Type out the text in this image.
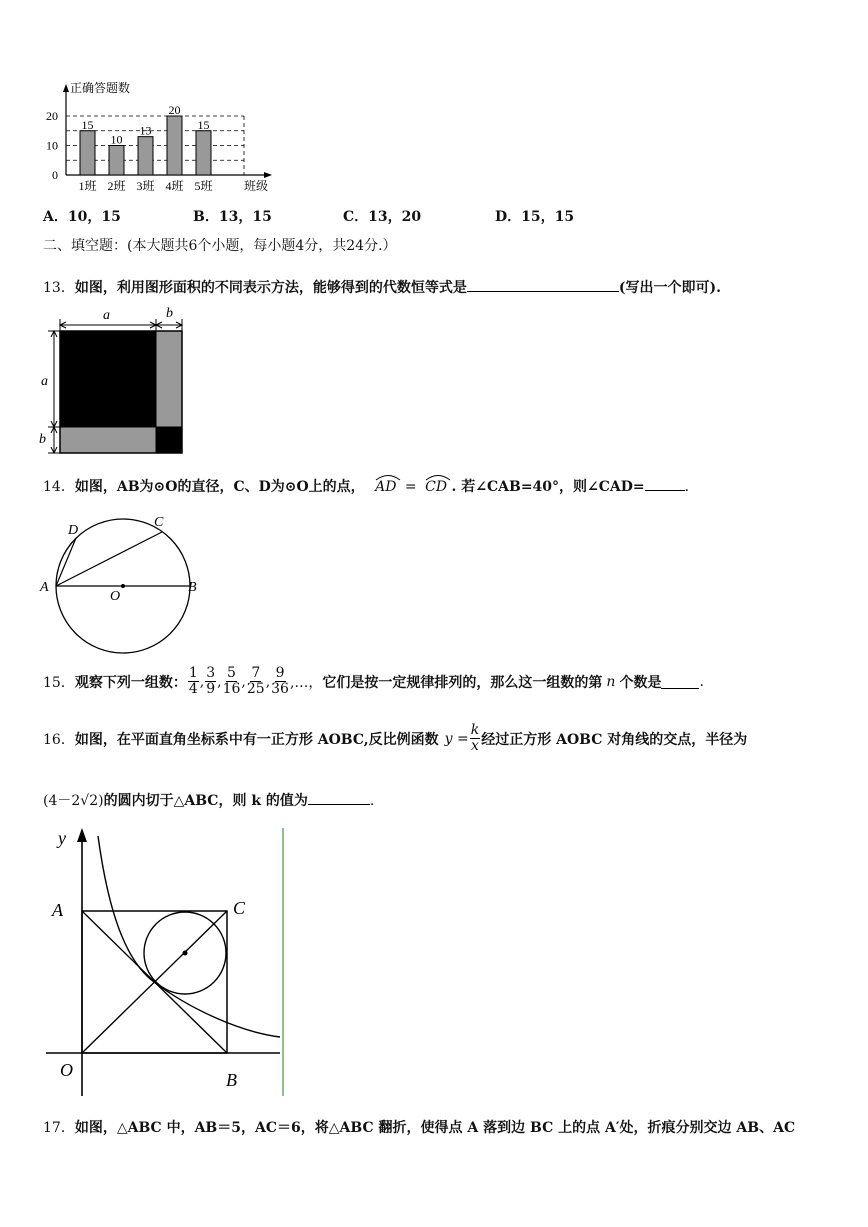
0
10
20
15
1班
10
2班
13
3班
20
4班
15
5班
正确答题数
班级
A．10，15	B．13，15	C．13，20	D．15，15
二、填空题：(本大题共6个小题，每小题4分，共24分.）
13．如图，利用图形面积的不同表示方法，能够得到的代数恒等式是	(写出一个即可).
a	b
a
b
14．如图，AB为⊙O的直径，C、D为⊙O上的点， AD = CD . 若∠CAB=40°，则∠CAD=	.
A	B
C
D
O
15． 观察下列一组数： $\frac{1}{4}$ , $\frac{3}{9}$ , $\frac{5}{16}$ , $\frac{7}{25}$ , $\frac{9}{36}$ ,…， 它们是按一定规律排列的，那么这一组数的第 n 个数是	.
16． 如图，在平面直角坐标系中有一正方形 AOBC,反比例函数 $y = \frac{k}{x}$ 经过正方形 AOBC 对角线的交点，半径为
(4－2√2)的圆内切于△ABC，则 k 的值为	.
y
A	C
O	B
17．如图，△ABC 中，AB＝5，AC＝6，将△ABC 翻折，使得点 A 落到边 BC 上的点 A′处，折痕分别交边 AB、AC
